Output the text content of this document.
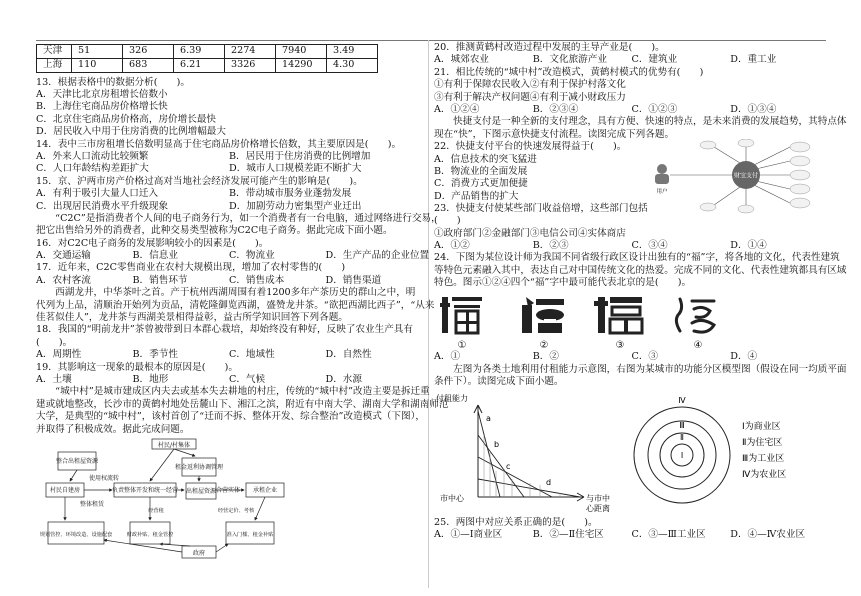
天津	51	326	6.39	2274	7940	3.49
上海	110	683	6.21	3326	14290	4.30
13．根据表格中的数据分析(　　)。
A．天津比北京房租增长倍数小
B．上海住宅商品房价格增长快
C．北京住宅商品房价格高，房价增长最快
D．居民收入中用于住房消费的比例增幅最大
14．表中三市房租增长倍数明显高于住宅商品房价格增长倍数，其主要原因是(　　)。
A．外来人口流动比较频繁	B．居民用于住房消费的比例增加
C．人口年龄结构差距扩大	D．城市人口规模差距不断扩大
15．京、沪两市房产价格过高对当地社会经济发展可能产生的影响是(　　)。
A．有利于吸引大量人口迁入	B．带动城市服务业蓬勃发展
C．出现居民消费水平升级现象	D．加剧劳动力密集型产业迁出
　　“C2C”是指消费者个人间的电子商务行为，如一个消费者有一台电脑，通过网络进行交易，
把它出售给另外的消费者，此种交易类型被称为C2C电子商务。据此完成下面小题。
16．对C2C电子商务的发展影响较小的因素是(　　)。
A．交通运输	B．信息业	C．物流业	D．生产产品的企业位置
17．近年来，C2C零售商业在农村大规模出现，增加了农村零售的(　　)
A．农村客流	B．销售环节	C．销售成本	D．销售渠道
　　西湖龙井，中华茶叶之首。产于杭州西湖周围有着1200多年产茶历史的群山之中，明
代列为上品，清顺治开始列为贡品，清乾隆御览西湖，盛赞龙井茶。“欲把西湖比西子”，“从来
佳茗似佳人”，龙井茶与西湖美景相得益彰，益古所学知识回答下列各题。
18．我国的“明前龙井”茶曾被带到日本群心栽培，却始终没有种好，反映了农业生产具有
(　　)。
A．周期性	B．季节性	C．地域性	D．自然性
19．其影响这一现象的最根本的原因是(　　)。
A．土壤	B．地形	C．气候	D．水源
　　“城中村”是城市建成区内夫去或基本失去耕地的村庄，传统的“城中村”改造主要是拆迁重
建或就地整改，长沙市的黄鹤村地处岳麓山下、湘江之滨，附近有中南大学、湖南大学和湖南师范
大学，是典型的“城中村”，该村首创了“迁而不拆、整体开发、综合整治”改造模式（下图），
并取得了积极成效。据此完成问题。
村民/村集体
整合出租屋资源
村民自建房
使用权流转
负责整体开发和统一经营
租金返利协调管理
出租屋资源 合营实体 承租企业
整体租赁
规划管控、环境改造、设施配套	财政补贴、租金管控
政府
准入门槛、租金补贴
经营定价、考核
经营租
20．推测黄鹤村改造过程中发展的主导产业是(　　)。
A．城郊农业	B．文化旅游产业	C．建筑业	D．重工业
21．相比传统的“城中村”改造模式，黄鹤村模式的优势有(　　)
①有利于保障农民收入②有利于保护村落文化
③有利于解决产权问题④有利于减小财政压力
A．①②④	B．②③④	C．①②③	D．①③④
　　快捷支付是一种全新的支付理念，具有方便、快速的特点，是未来消费的发展趋势，其特点体
现在“快”，下图示意快捷支付流程。读图完成下列各题。
22．快捷支付平台的快速发展得益于(　　)。
A．信息技术的突飞猛进
B．物流业的全面发展
C．消费方式更加便捷
D．产品销售的扩大
23．快捷支付使某些部门收益倍增，这些部门包括
财宝支付
用户
(　　)
①政府部门②金融部门③电信公司④实体商店
A．①②	B．②③	C．③④	D．①④
24．下图为某位设计师为我国不同省级行政区设计出独有的“福”字，将各地的文化，代表性建筑
等特色元素融入其中，表达自己对中国传统文化的热爱。完成不同的文化、代表性建筑都具有区域
特色。图示①②④四个“福”字中最可能代表北京的是(　　)。
①	②	③	④
A．①	B．②	C．③	D．④
　　左图为各类土地利用付租能力示意图，右图为某城市的功能分区模型图（假设在同一均质平面
条件下）。读图完成下面小题。
付租能力
市中心	与市中
心距离
a
b
c
d
Ⅰ
Ⅱ
Ⅲ
Ⅳ
Ⅰ为商业区
Ⅱ为住宅区
Ⅲ为工业区
Ⅳ为农业区
25．两图中对应关系正确的是(　　)。
A．①—Ⅰ商业区	B．②—Ⅱ住宅区	C．③—Ⅲ工业区	D．④—Ⅳ农业区
